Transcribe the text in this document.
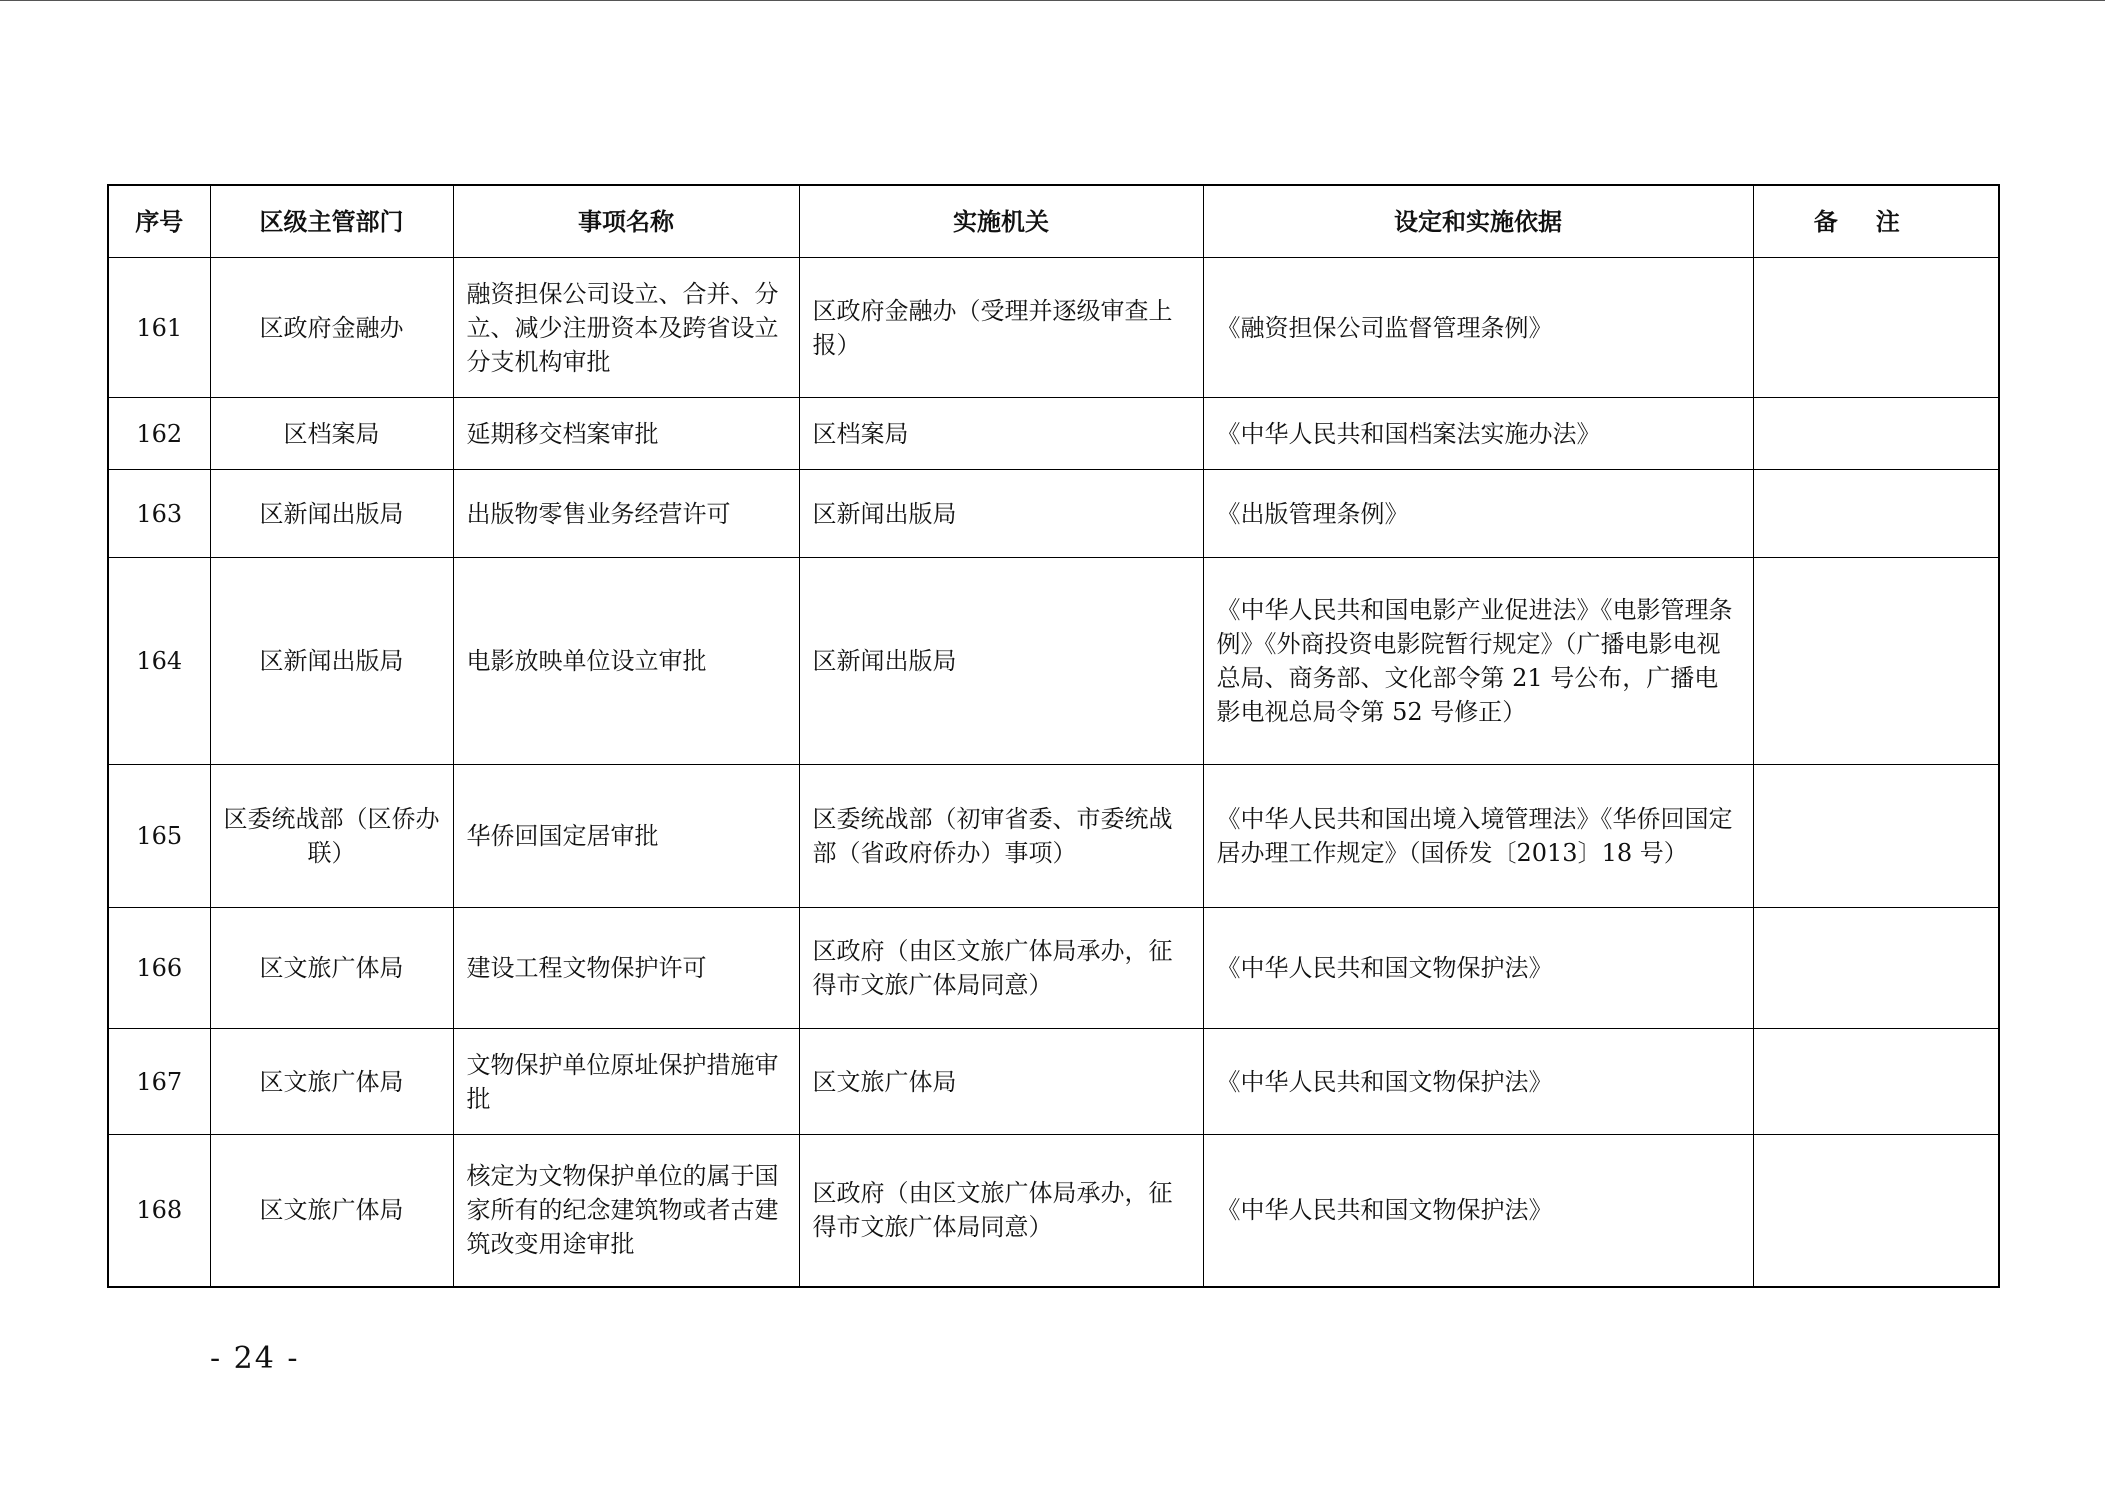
序号	区级主管部门	事项名称	实施机关	设定和实施依据	备注
161	区政府金融办	融资担保公司设立、合并、分立、减少注册资本及跨省设立分支机构审批	区政府金融办（受理并逐级审查上报）	《融资担保公司监督管理条例》	
162	区档案局	延期移交档案审批	区档案局	《中华人民共和国档案法实施办法》	
163	区新闻出版局	出版物零售业务经营许可	区新闻出版局	《出版管理条例》	
164	区新闻出版局	电影放映单位设立审批	区新闻出版局	《中华人民共和国电影产业促进法》《电影管理条例》《外商投资电影院暂行规定》（广播电影电视总局、商务部、文化部令第 21 号公布，广播电影电视总局令第 52 号修正）	
165	区委统战部（区侨办联）	华侨回国定居审批	区委统战部（初审省委、市委统战部（省政府侨办）事项）	《中华人民共和国出境入境管理法》《华侨回国定居办理工作规定》（国侨发〔2013〕18 号）	
166	区文旅广体局	建设工程文物保护许可	区政府（由区文旅广体局承办，征得市文旅广体局同意）	《中华人民共和国文物保护法》	
167	区文旅广体局	文物保护单位原址保护措施审批	区文旅广体局	《中华人民共和国文物保护法》	
168	区文旅广体局	核定为文物保护单位的属于国家所有的纪念建筑物或者古建筑改变用途审批	区政府（由区文旅广体局承办，征得市文旅广体局同意）	《中华人民共和国文物保护法》	
- 24 -
